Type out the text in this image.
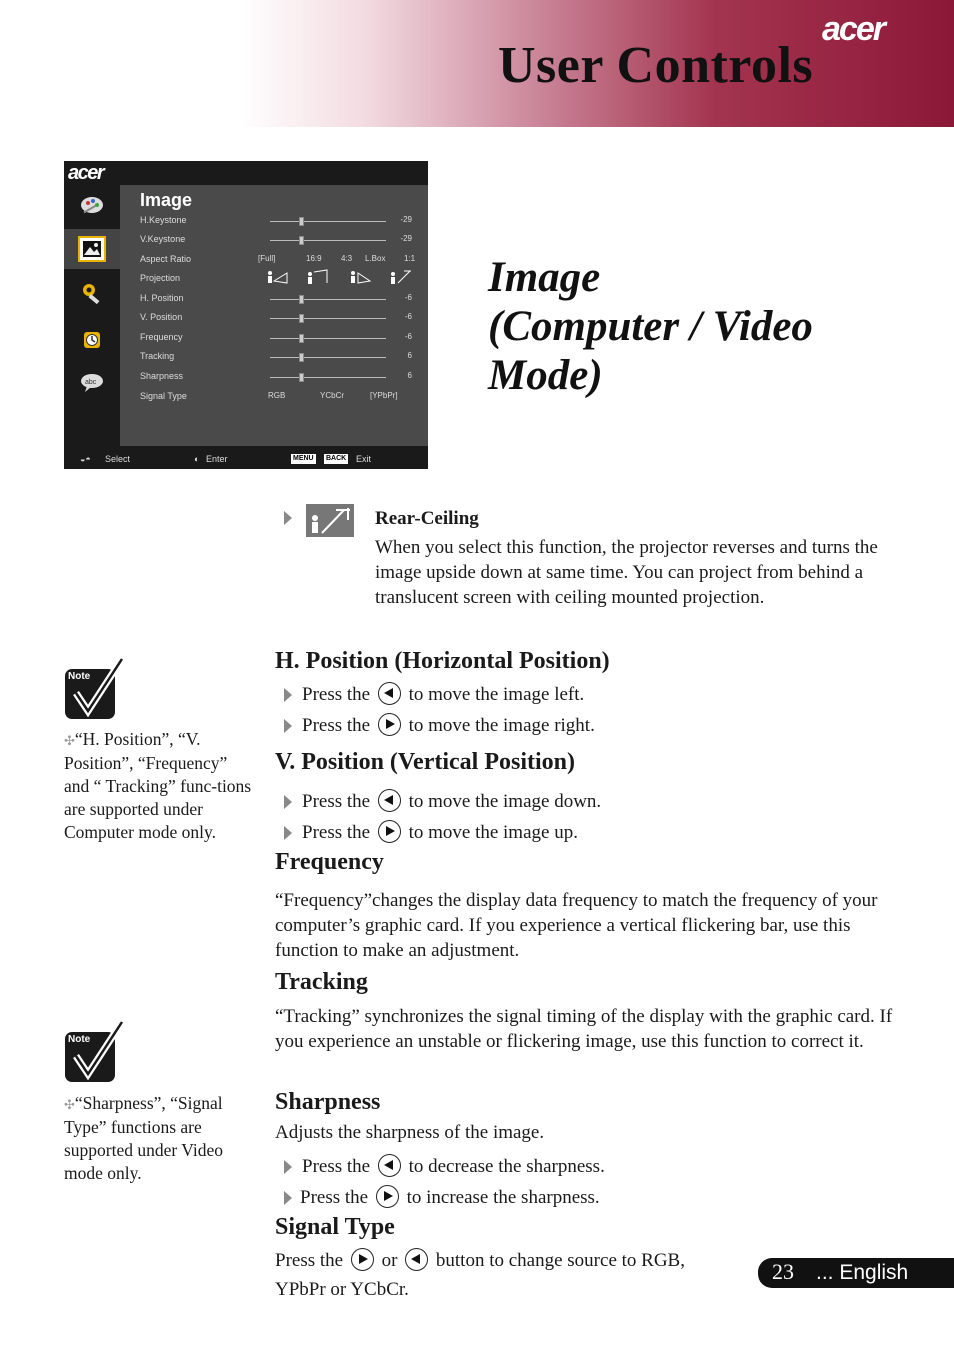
acer
User Controls
acer
abc
Image
H.Keystone	-29
V.Keystone	-29
Aspect Ratio	[Full]	16:9 4:3 L.Box 1:1
Projection
H. Position	-6
V. Position	-6
Frequency	-6
Tracking	6
Sharpness	6
Signal Type	RGB	YCbCr	[YPbPr]
◒◓ Select	◐ Enter	MENU BACK Exit
Image
(Computer / Video
Mode)
Rear-Ceiling
When you select this function, the projector reverses and turns the image upside down at same time. You can project from behind a translucent screen with ceiling mounted projection.
H. Position (Horizontal Position)
Press the to move the image left.
Press the to move the image right.
V. Position (Vertical Position)
Press the to move the image down.
Press the to move the image up.
Frequency
“Frequency”changes the display data frequency to match the frequency of your computer’s graphic card. If you experience a vertical flickering bar, use this function to make an adjustment.
Tracking
“Tracking” synchronizes the signal timing of the display with the graphic card. If you experience an unstable or flickering image, use this function to correct it.
Sharpness
Adjusts the sharpness of the image.
Press the to decrease the sharpness.
Press the to increase the sharpness.
Signal Type
Press the or button to change source to RGB,
YPbPr or YCbCr.
Note
✣“H. Position”, “V. Position”, “Frequency” and “ Tracking” func-tions are supported under Computer mode only.
Note
✣“Sharpness”, “Signal Type” functions are supported under Video mode only.
23 ... English
